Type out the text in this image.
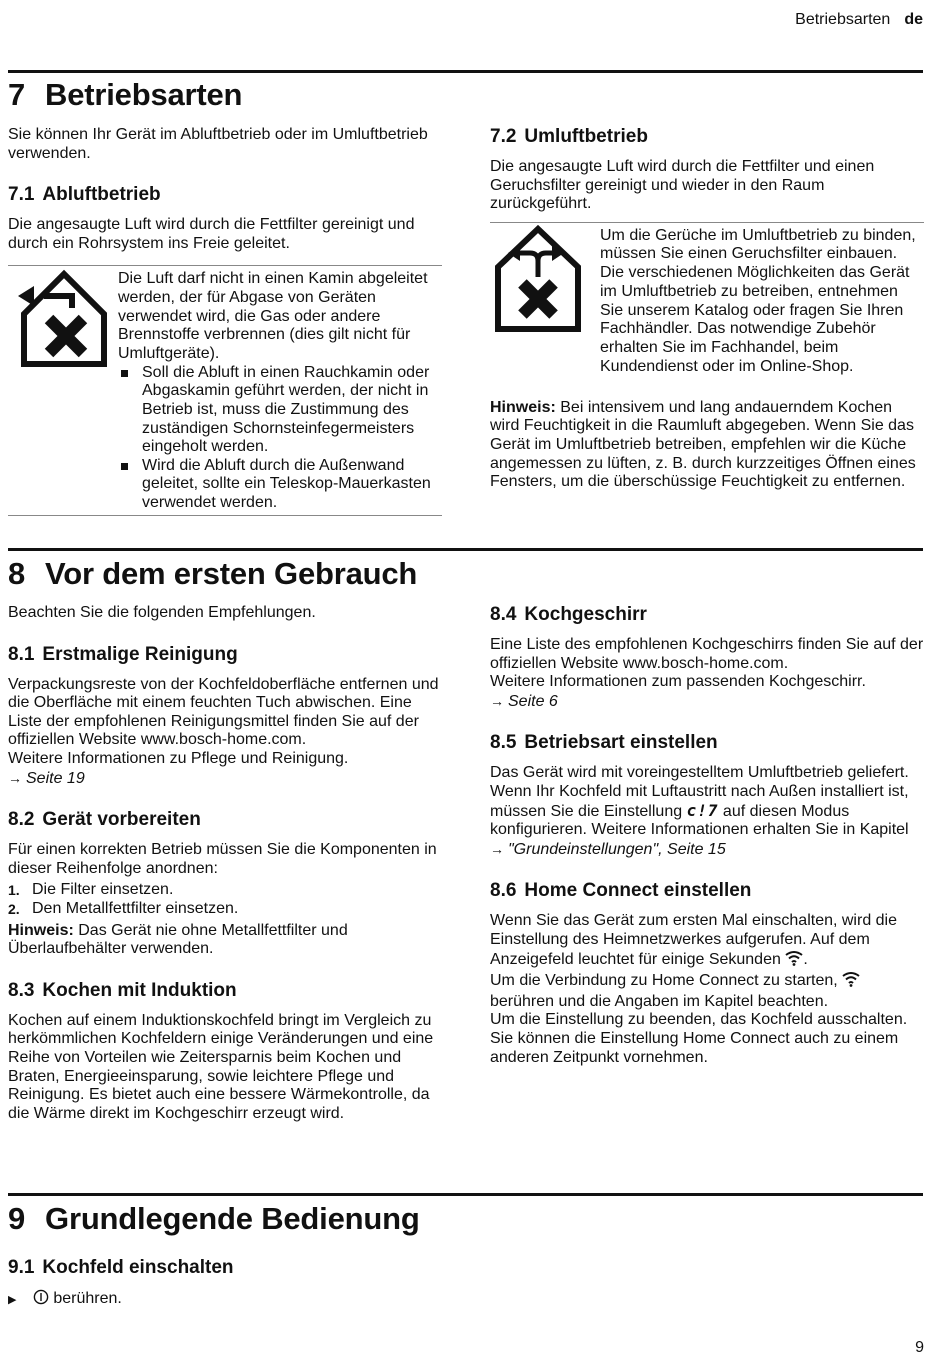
Betriebsarten de
7 Betriebsarten

Sie können Ihr Gerät im Abluftbetrieb oder im Umluftbetrieb verwenden.

7.1 Abluftbetrieb

Die angesaugte Luft wird durch die Fettfilter gereinigt und durch ein Rohrsystem ins Freie geleitet.

Die Luft darf nicht in einen Kamin abgeleitet werden, der für Abgase von Geräten verwendet wird, die Gas oder andere Brennstoffe verbrennen (dies gilt nicht für Umluftgeräte).

Soll die Abluft in einen Rauchkamin oder Abgaskamin geführt werden, der nicht in Betrieb ist, muss die Zustimmung des zuständigen Schornsteinfegermeisters eingeholt werden.
Wird die Abluft durch die Außenwand geleitet, sollte ein Teleskop-Mauerkasten verwendet werden.
7.2 Umluftbetrieb

Die angesaugte Luft wird durch die Fettfilter und einen Geruchsfilter gereinigt und wieder in den Raum zurückgeführt.

Um die Gerüche im Umluftbetrieb zu binden, müssen Sie einen Geruchsfilter einbauen. Die verschiedenen Möglichkeiten das Gerät im Umluftbetrieb zu betreiben, entnehmen Sie unserem Katalog oder fragen Sie Ihren Fachhändler. Das notwendige Zubehör erhalten Sie im Fachhandel, beim Kundendienst oder im Online-Shop.

Hinweis: Bei intensivem und lang andauerndem Kochen wird Feuchtigkeit in die Raumluft abgegeben. Wenn Sie das Gerät im Umluftbetrieb betreiben, empfehlen wir die Küche angemessen zu lüften, z. B. durch kurzzeitiges Öffnen eines Fensters, um die überschüssige Feuchtigkeit zu entfernen.

8 Vor dem ersten Gebrauch

Beachten Sie die folgenden Empfehlungen.

8.1 Erstmalige Reinigung

Verpackungsreste von der Kochfeldoberfläche entfernen und die Oberfläche mit einem feuchten Tuch abwischen. Eine Liste der empfohlenen Reinigungsmittel finden Sie auf der offiziellen Website www.bosch-home.com.

Weitere Informationen zu Pflege und Reinigung.

→ Seite 19
8.2 Gerät vorbereiten

Für einen korrekten Betrieb müssen Sie die Komponenten in dieser Reihenfolge anordnen:

1. Die Filter einsetzen.
2. Den Metallfettfilter einsetzen.

Hinweis: Das Gerät nie ohne Metallfettfilter und Überlaufbehälter verwenden.

8.3 Kochen mit Induktion

Kochen auf einem Induktionskochfeld bringt im Vergleich zu herkömmlichen Kochfeldern einige Veränderungen und eine Reihe von Vorteilen wie Zeitersparnis beim Kochen und Braten, Energieeinsparung, sowie leichtere Pflege und Reinigung. Es bietet auch eine bessere Wärmekontrolle, da die Wärme direkt im Kochgeschirr erzeugt wird.

8.4 Kochgeschirr

Eine Liste des empfohlenen Kochgeschirrs finden Sie auf der offiziellen Website www.bosch-home.com.

Weitere Informationen zum passenden Kochgeschirr.

→ Seite 6
8.5 Betriebsart einstellen

Das Gerät wird mit voreingestelltem Umluftbetrieb geliefert.

Wenn Ihr Kochfeld mit Luftaustritt nach Außen installiert ist, müssen Sie die Einstellung c!7 auf diesen Modus konfigurieren. Weitere Informationen erhalten Sie in Kapitel

→ "Grundeinstellungen", Seite 15
8.6 Home Connect einstellen

Wenn Sie das Gerät zum ersten Mal einschalten, wird die Einstellung des Heimnetzwerkes aufgerufen. Auf dem Anzeigefeld leuchtet für einige Sekunden .

Um die Verbindung zu Home Connect zu starten,  berühren und die Angaben im Kapitel beachten.

Um die Einstellung zu beenden, das Kochfeld ausschalten.

Sie können die Einstellung Home Connect auch zu einem anderen Zeitpunkt vornehmen.

9 Grundlegende Bedienung
9.1 Kochfeld einschalten

▶ berühren.

9
